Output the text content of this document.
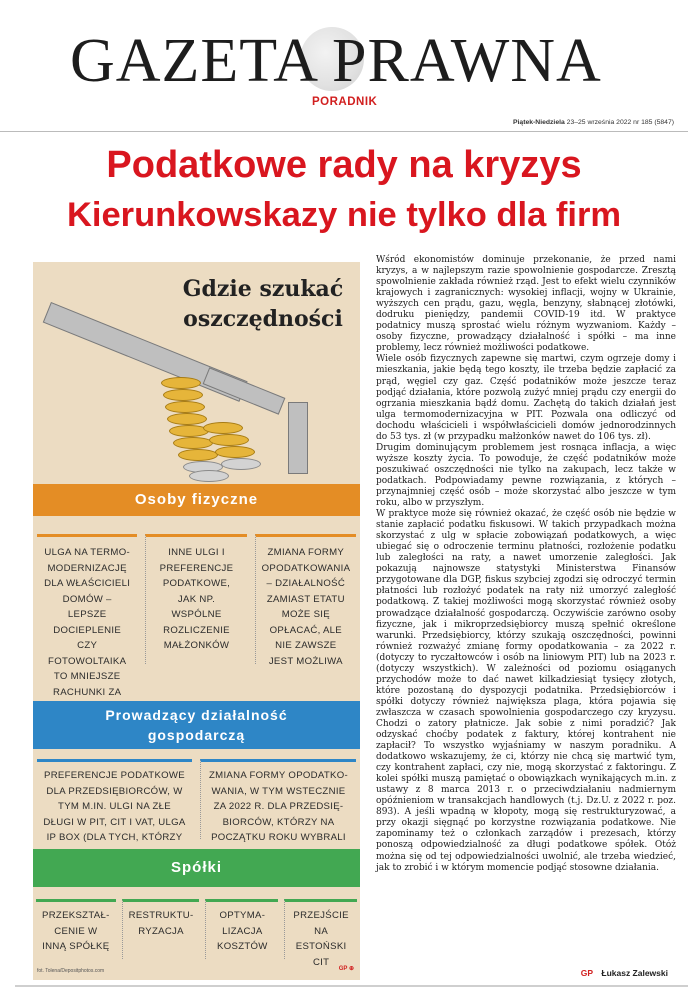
GAZETA PRAWNA
PORADNIK
Piątek-Niedziela 23–25 września 2022 nr 185 (5847)
Podatkowe rady na kryzys
Kierunkowskazy nie tylko dla firm
Gdzie szukać
oszczędności
Osoby fizyczne
ULGA NA TERMO-MODERNIZACJĘ DLA WŁAŚCICIELI DOMÓW – LEPSZE DOCIEPLENIE CZY FOTOWOLTAIKA TO MNIEJSZE RACHUNKI ZA
INNE ULGI I PREFERENCJE PODATKOWE, JAK NP. WSPÓLNE ROZLICZENIE MAŁŻONKÓW
ZMIANA FORMY OPODATKOWANIA – DZIAŁALNOŚĆ ZAMIAST ETATU MOŻE SIĘ OPŁACAĆ, ALE NIE ZAWSZE JEST MOŻLIWA
Prowadzący działalność
gospodarczą
PREFERENCJE PODATKOWE DLA PRZEDSIĘBIORCÓW, W TYM M.IN. ULGI NA ZŁE DŁUGI W PIT, CIT I VAT, ULGA IP BOX (DLA TYCH, KTÓRZY
ZMIANA FORMY OPODATKO-WANIA, W TYM WSTECZNIE ZA 2022 R. DLA PRZEDSIĘ-BIORCÓW, KTÓRZY NA POCZĄTKU ROKU WYBRALI
Spółki
PRZEKSZTAŁ-CENIE W INNĄ SPÓŁKĘ
RESTRUKTU-RYZACJA
OPTYMA-LIZACJA KOSZTÓW
PRZEJŚCIE NA ESTOŃSKI CIT
fot. Tolena/Depositphotos.com	GP ⊕

Wśród ekonomistów dominuje przekonanie, że przed nami kryzys, a w najlepszym razie spowolnienie gospodarcze. Zresztą spowolnienie zakłada również rząd. Jest to efekt wielu czynników krajowych i zagranicznych: wysokiej inflacji, wojny w Ukrainie, wyższych cen prądu, gazu, węgla, benzyny, słabnącej złotówki, dodruku pieniędzy, pandemii COVID-19 itd. W praktyce podatnicy muszą sprostać wielu różnym wyzwaniom. Każdy – osoby fizyczne, prowadzący działalność i spółki – ma inne problemy, lecz również możliwości podatkowe.

Wiele osób fizycznych zapewne się martwi, czym ogrzeje domy i mieszkania, jakie będą tego koszty, ile trzeba będzie zapłacić za prąd, węgiel czy gaz. Część podatników może jeszcze teraz podjąć działania, które pozwolą zużyć mniej prądu czy energii do ogrzania mieszkania bądź domu. Zachętą do takich działań jest ulga termomodernizacyjna w PIT. Pozwala ona odliczyć od dochodu właścicieli i współwłaścicieli domów jednorodzinnych do 53 tys. zł (w przypadku małżonków nawet do 106 tys. zł).

Drugim dominującym problemem jest rosnąca inflacja, a więc wyższe koszty życia. To powoduje, że część podatników może poszukiwać oszczędności nie tylko na zakupach, lecz także w podatkach. Podpowiadamy pewne rozwiązania, z których – przynajmniej część osób – może skorzystać albo jeszcze w tym roku, albo w przyszłym.

W praktyce może się również okazać, że część osób nie będzie w stanie zapłacić podatku fiskusowi. W takich przypadkach można skorzystać z ulg w spłacie zobowiązań podatkowych, a więc ubiegać się o odroczenie terminu płatności, rozłożenie podatku lub zaległości na raty, a nawet umorzenie zaległości. Jak pokazują najnowsze statystyki Ministerstwa Finansów przygotowane dla DGP, fiskus szybciej zgodzi się odroczyć termin płatności lub rozłożyć podatek na raty niż umorzyć zaległość podatkową. Z takiej możliwości mogą skorzystać również osoby prowadzące działalność gospodarczą. Oczywiście zarówno osoby fizyczne, jak i mikroprzedsiębiorcy muszą spełnić określone warunki. Przedsiębiorcy, którzy szukają oszczędności, powinni również rozważyć zmianę formy opodatkowania – za 2022 r. (dotyczy to ryczałtowców i osób na liniowym PIT) lub na 2023 r. (dotyczy wszystkich). W zależności od poziomu osiąganych przychodów może to dać nawet kilkadziesiąt tysięcy złotych, które pozostaną do dyspozycji podatnika. Przedsiębiorców i spółki dotyczy również największa plaga, która pojawia się zwłaszcza w czasach spowolnienia gospodarczego czy kryzysu. Chodzi o zatory płatnicze. Jak sobie z nimi poradzić? Jak odzyskać choćby podatek z faktury, której kontrahent nie zapłacił? To wszystko wyjaśniamy w naszym poradniku. A dodatkowo wskazujemy, że ci, którzy nie chcą się martwić tym, czy kontrahent zapłaci, czy nie, mogą skorzystać z faktoringu. Z kolei spółki muszą pamiętać o obowiązkach wynikających m.in. z ustawy z 8 marca 2013 r. o przeciwdziałaniu nadmiernym opóźnieniom w transakcjach handlowych (t.j. Dz.U. z 2022 r. poz. 893). A jeśli wpadną w kłopoty, mogą się restrukturyzować, a przy okazji sięgnąć po korzystne rozwiązania podatkowe. Nie zapominamy też o członkach zarządów i prezesach, którzy ponoszą odpowiedzialność za długi podatkowe spółek. Otóż można się od tej odpowiedzialności uwolnić, ale trzeba wiedzieć, jak to zrobić i w którym momencie podjąć stosowne działania.

GP Łukasz Zalewski
